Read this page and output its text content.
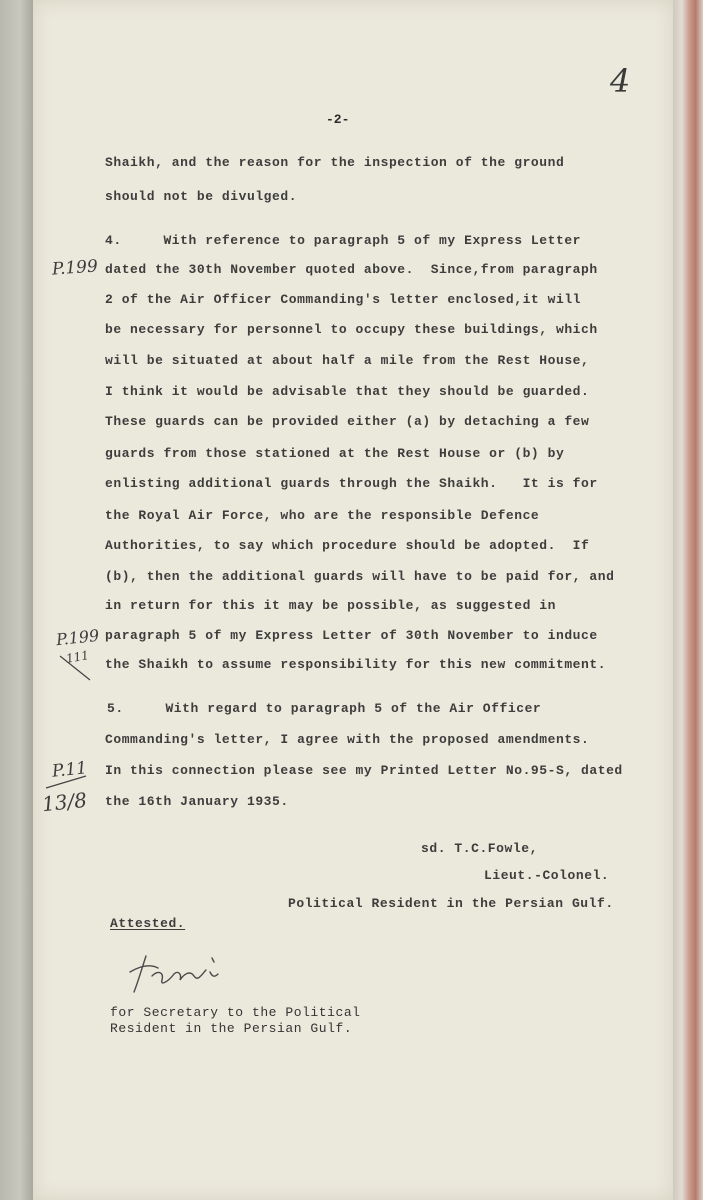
4
-2-
Shaikh, and the reason for the inspection of the ground
should not be divulged.
4.     With reference to paragraph 5 of my Express Letter
dated the 30th November quoted above.  Since,from paragraph
2 of the Air Officer Commanding's letter enclosed,it will
be necessary for personnel to occupy these buildings, which
will be situated at about half a mile from the Rest House,
I think it would be advisable that they should be guarded.
These guards can be provided either (a) by detaching a few
guards from those stationed at the Rest House or (b) by
enlisting additional guards through the Shaikh.   It is for
the Royal Air Force, who are the responsible Defence
Authorities, to say which procedure should be adopted.  If
(b), then the additional guards will have to be paid for, and
in return for this it may be possible, as suggested in
paragraph 5 of my Express Letter of 30th November to induce
the Shaikh to assume responsibility for this new commitment.
5.     With regard to paragraph 5 of the Air Officer
Commanding's letter, I agree with the proposed amendments.
In this connection please see my Printed Letter No.95-S, dated
the 16th January 1935.
sd. T.C.Fowle,
Lieut.-Colonel.
Political Resident in the Persian Gulf.
Attested.
for Secretary to the Political
Resident in the Persian Gulf.
P.199
P.199
111
P.11
13/8
